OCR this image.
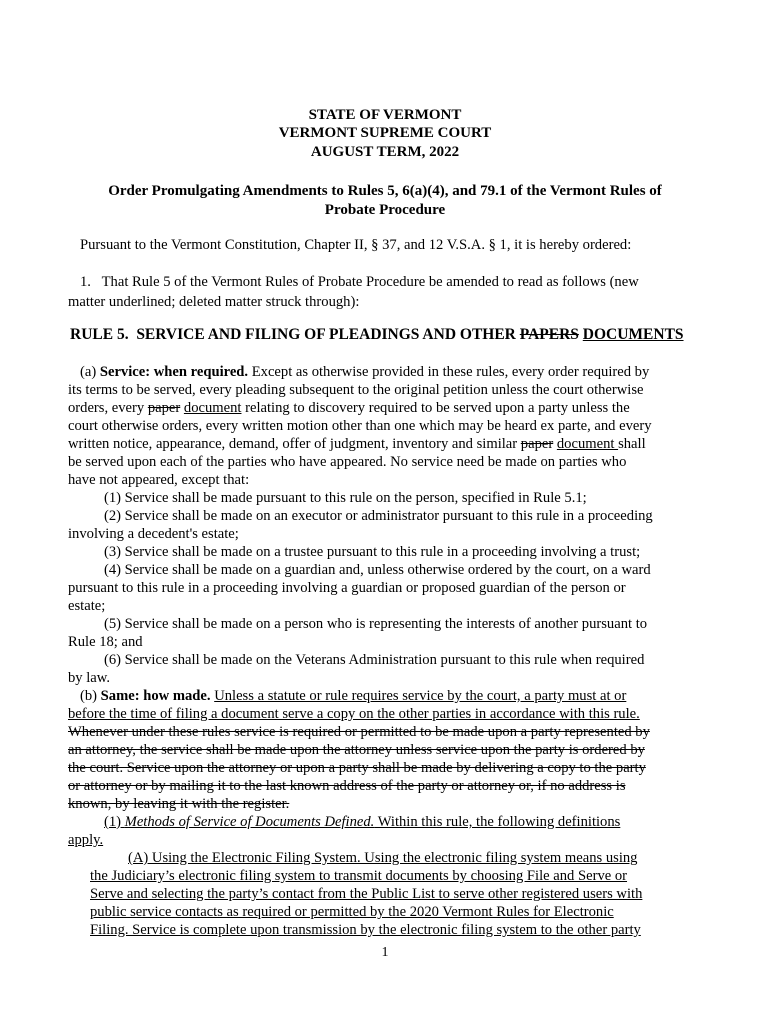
STATE OF VERMONT
VERMONT SUPREME COURT
AUGUST TERM, 2022
Order Promulgating Amendments to Rules 5, 6(a)(4), and 79.1 of the Vermont Rules of
Probate Procedure
Pursuant to the Vermont Constitution, Chapter II, § 37, and 12 V.S.A. § 1, it is hereby ordered:
1.   That Rule 5 of the Vermont Rules of Probate Procedure be amended to read as follows (new
matter underlined; deleted matter struck through):
RULE 5.  SERVICE AND FILING OF PLEADINGS AND OTHER PAPERS DOCUMENTS
(a) Service: when required. Except as otherwise provided in these rules, every order required by
its terms to be served, every pleading subsequent to the original petition unless the court otherwise
orders, every paper document relating to discovery required to be served upon a party unless the
court otherwise orders, every written motion other than one which may be heard ex parte, and every
written notice, appearance, demand, offer of judgment, inventory and similar paper document shall
be served upon each of the parties who have appeared. No service need be made on parties who
have not appeared, except that:
(1) Service shall be made pursuant to this rule on the person, specified in Rule 5.1;
(2) Service shall be made on an executor or administrator pursuant to this rule in a proceeding
involving a decedent's estate;
(3) Service shall be made on a trustee pursuant to this rule in a proceeding involving a trust;
(4) Service shall be made on a guardian and, unless otherwise ordered by the court, on a ward
pursuant to this rule in a proceeding involving a guardian or proposed guardian of the person or
estate;
(5) Service shall be made on a person who is representing the interests of another pursuant to
Rule 18; and
(6) Service shall be made on the Veterans Administration pursuant to this rule when required
by law.
(b) Same: how made. Unless a statute or rule requires service by the court, a party must at or
before the time of filing a document serve a copy on the other parties in accordance with this rule.
Whenever under these rules service is required or permitted to be made upon a party represented by
an attorney, the service shall be made upon the attorney unless service upon the party is ordered by
the court. Service upon the attorney or upon a party shall be made by delivering a copy to the party
or attorney or by mailing it to the last known address of the party or attorney or, if no address is
known, by leaving it with the register.
(1) Methods of Service of Documents Defined. Within this rule, the following definitions
apply.
(A) Using the Electronic Filing System. Using the electronic filing system means using
the Judiciary’s electronic filing system to transmit documents by choosing File and Serve or
Serve and selecting the party’s contact from the Public List to serve other registered users with
public service contacts as required or permitted by the 2020 Vermont Rules for Electronic
Filing. Service is complete upon transmission by the electronic filing system to the other party
1
